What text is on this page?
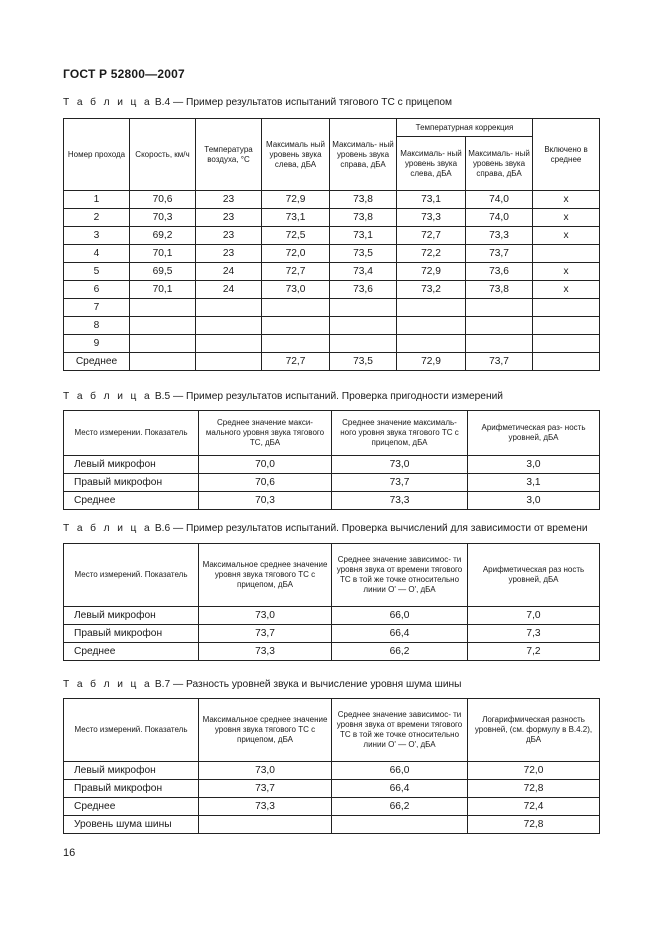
ГОСТ Р 52800—2007
Т а б л и ц а В.4 — Пример результатов испытаний тягового ТС с прицепом
Номер прохода	Скорость, км/ч	Температура воздуха, °С	Максималь ный уровень звука слева, дБА	Максималь- ный уровень звука справа, дБА	Температурная коррекция		Включено в среднее
					Максималь- ный уровень звука слева, дБА	Максималь- ный уровень звука справа, дБА	
1	70,6	23	72,9	73,8	73,1	74,0	x
2	70,3	23	73,1	73,8	73,3	74,0	x
3	69,2	23	72,5	73,1	72,7	73,3	x
4	70,1	23	72,0	73,5	72,2	73,7	
5	69,5	24	72,7	73,4	72,9	73,6	x
6	70,1	24	73,0	73,6	73,2	73,8	x
7							
8							
9							
Среднее			72,7	73,5	72,9	73,7	
Т а б л и ц а В.5 — Пример результатов испытаний. Проверка пригодности измерений
Место измерении. Показатель	Среднее значение макси- мального уровня звука тягового ТС, дБА	Среднее значение максималь- ного уровня звука тягового ТС с прицепом, дБА	Арифметическая раз- ность уровней, дБА
Левый микрофон	70,0	73,0	3,0
Правый микрофон	70,6	73,7	3,1
Среднее	70,3	73,3	3,0
Т а б л и ц а В.6 — Пример результатов испытаний. Проверка вычислений для зависимости от времени
Место измерений. Показатель	Максимальное среднее значение уровня звука тягового ТС с прицепом, дБА	Среднее значение зависимос- ти уровня звука от времени тягового ТС в той же точке относительно линии О' — О', дБА	Арифметическая раз ность уровней, дБА
Левый микрофон	73,0	66,0	7,0
Правый микрофон	73,7	66,4	7,3
Среднее	73,3	66,2	7,2
Т а б л и ц а В.7 — Разность уровней звука и вычисление уровня шума шины
Место измерений. Показатель	Максимальное среднее значение уровня звука тягового ТС с прицепом, дБА	Среднее значение зависимос- ти уровня звука от времени тягового ТС в той же точке относительно линии О' — О', дБА	Логарифмическая разность уровней, (см. формулу в В.4.2), дБА
Левый микрофон	73,0	66,0	72,0
Правый микрофон	73,7	66,4	72,8
Среднее	73,3	66,2	72,4
Уровень шума шины			72,8
16
